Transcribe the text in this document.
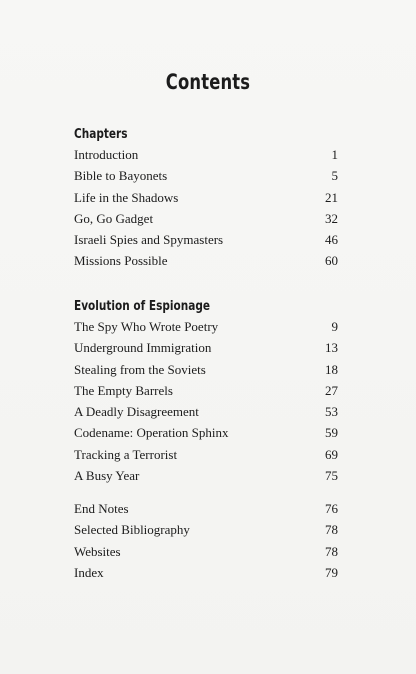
Contents
Chapters
Introduction	1
Bible to Bayonets	5
Life in the Shadows	21
Go, Go Gadget	32
Israeli Spies and Spymasters	46
Missions Possible	60
Evolution of Espionage
The Spy Who Wrote Poetry	9
Underground Immigration	13
Stealing from the Soviets	18
The Empty Barrels	27
A Deadly Disagreement	53
Codename: Operation Sphinx	59
Tracking a Terrorist	69
A Busy Year	75
End Notes	76
Selected Bibliography	78
Websites	78
Index	79
